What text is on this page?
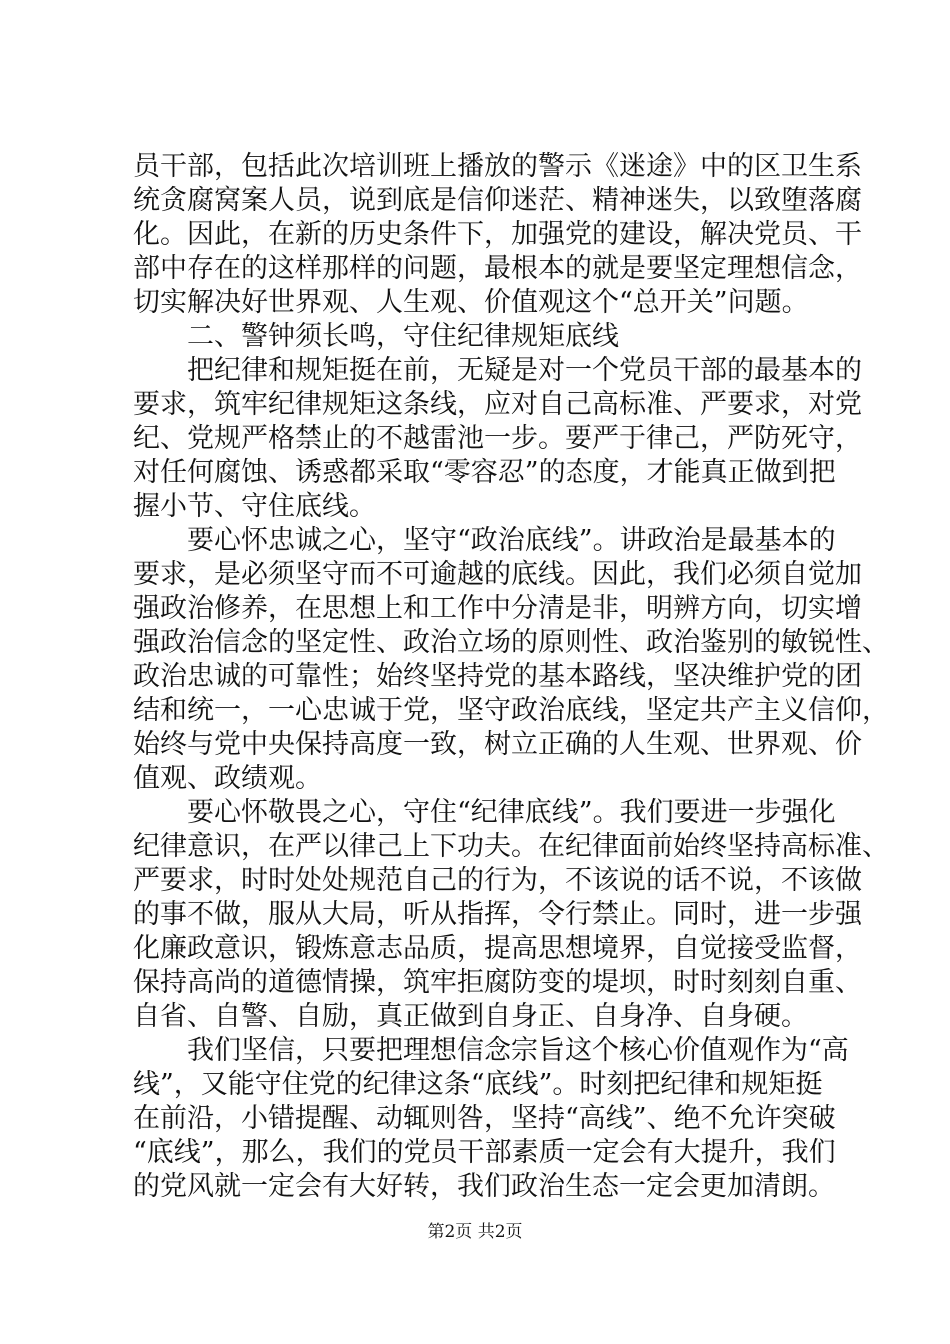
员干部，包括此次培训班上播放的警示《迷途》中的区卫生系
统贪腐窝案人员，说到底是信仰迷茫、精神迷失，以致堕落腐
化。因此，在新的历史条件下，加强党的建设，解决党员、干
部中存在的这样那样的问题，最根本的就是要坚定理想信念，
切实解决好世界观、人生观、价值观这个“总开关”问题。
二、警钟须长鸣，守住纪律规矩底线
把纪律和规矩挺在前，无疑是对一个党员干部的最基本的
要求，筑牢纪律规矩这条线，应对自己高标准、严要求，对党
纪、党规严格禁止的不越雷池一步。要严于律己，严防死守，
对任何腐蚀、诱惑都采取“零容忍”的态度，才能真正做到把
握小节、守住底线。
要心怀忠诚之心，坚守“政治底线”。讲政治是最基本的
要求，是必须坚守而不可逾越的底线。因此，我们必须自觉加
强政治修养，在思想上和工作中分清是非，明辨方向，切实增
强政治信念的坚定性、政治立场的原则性、政治鉴别的敏锐性、
政治忠诚的可靠性；始终坚持党的基本路线，坚决维护党的团
结和统一，一心忠诚于党，坚守政治底线，坚定共产主义信仰，
始终与党中央保持高度一致，树立正确的人生观、世界观、价
值观、政绩观。
要心怀敬畏之心，守住“纪律底线”。我们要进一步强化
纪律意识，在严以律己上下功夫。在纪律面前始终坚持高标准、
严要求，时时处处规范自己的行为，不该说的话不说，不该做
的事不做，服从大局，听从指挥，令行禁止。同时，进一步强
化廉政意识，锻炼意志品质，提高思想境界，自觉接受监督，
保持高尚的道德情操，筑牢拒腐防变的堤坝，时时刻刻自重、
自省、自警、自励，真正做到自身正、自身净、自身硬。
我们坚信，只要把理想信念宗旨这个核心价值观作为“高
线”，又能守住党的纪律这条“底线”。时刻把纪律和规矩挺
在前沿，小错提醒、动辄则咎，坚持“高线”、绝不允许突破
“底线”，那么，我们的党员干部素质一定会有大提升，我们
的党风就一定会有大好转，我们政治生态一定会更加清朗。
第2页 共2页
